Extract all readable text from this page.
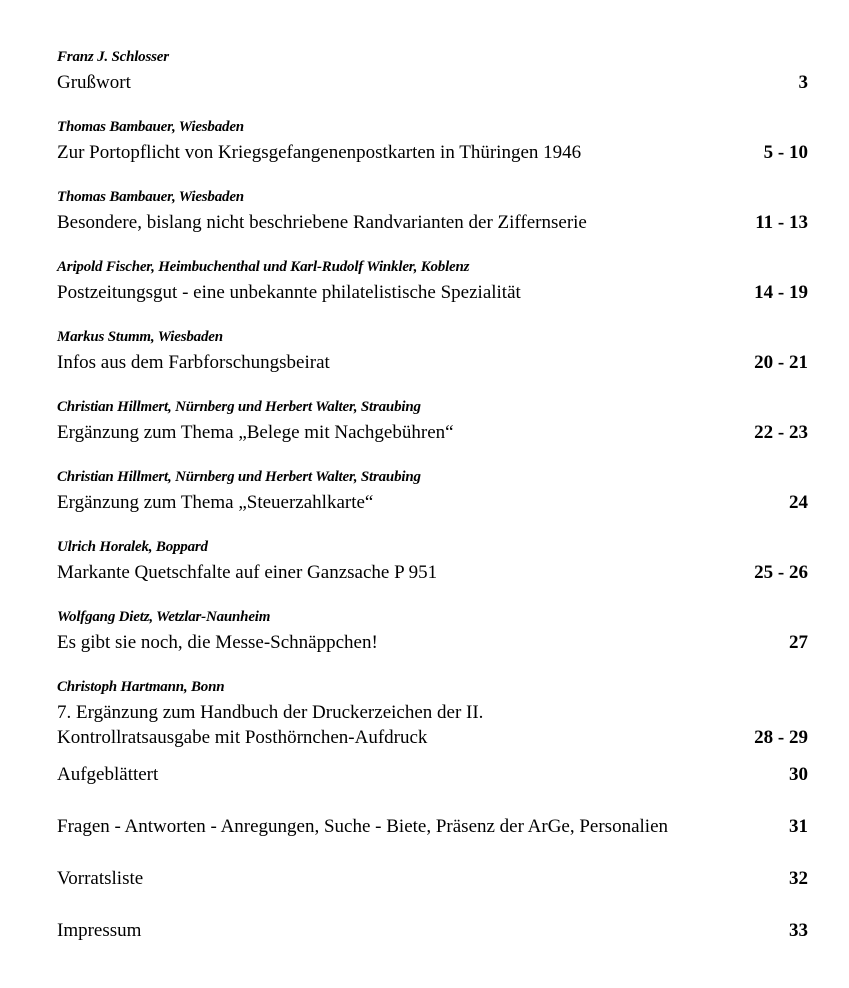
Franz J. Schlosser
Grußwort	3
Thomas Bambauer, Wiesbaden
Zur Portopflicht von Kriegsgefangenenpostkarten in Thüringen 1946	5 - 10
Thomas Bambauer, Wiesbaden
Besondere, bislang nicht beschriebene Randvarianten der Ziffernserie	11 - 13
Aripold Fischer, Heimbuchenthal und Karl-Rudolf Winkler, Koblenz
Postzeitungsgut - eine unbekannte philatelistische Spezialität	14 - 19
Markus Stumm, Wiesbaden
Infos aus dem Farbforschungsbeirat	20 - 21
Christian Hillmert, Nürnberg und Herbert Walter, Straubing
Ergänzung zum Thema „Belege mit Nachgebühren“	22 - 23
Christian Hillmert, Nürnberg und Herbert Walter, Straubing
Ergänzung zum Thema „Steuerzahlkarte“	24
Ulrich Horalek, Boppard
Markante Quetschfalte auf einer Ganzsache P 951	25 - 26
Wolfgang Dietz, Wetzlar-Naunheim
Es gibt sie noch, die Messe-Schnäppchen!	27
Christoph Hartmann, Bonn
7. Ergänzung zum Handbuch der Druckerzeichen der II.
Kontrollratsausgabe mit Posthörnchen-Aufdruck	28 - 29
Aufgeblättert	30
Fragen - Antworten - Anregungen, Suche - Biete, Präsenz der ArGe, Personalien	31
Vorratsliste	32
Impressum	33
